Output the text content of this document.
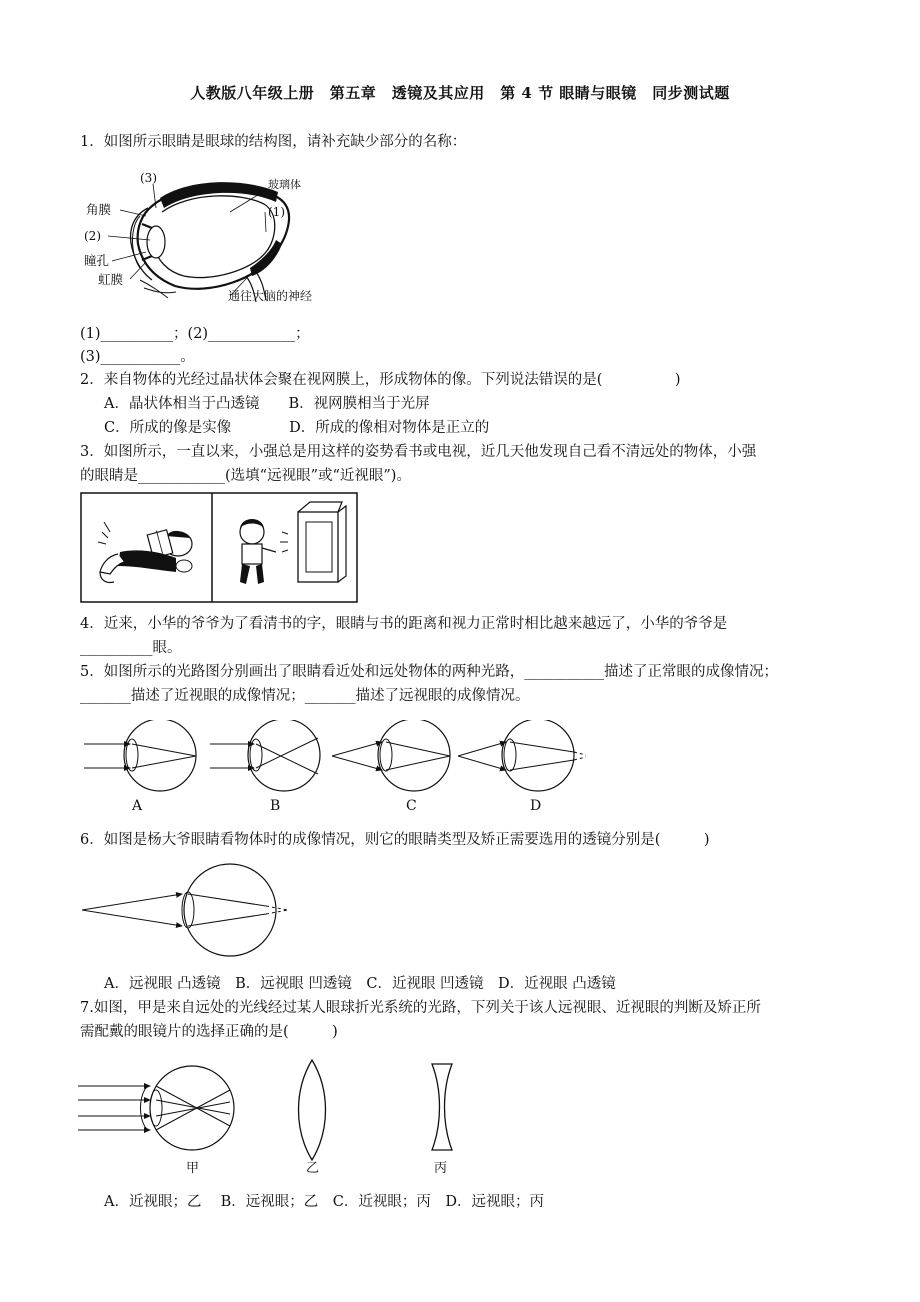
人教版八年级上册　第五章　透镜及其应用　第 4 节 眼睛与眼镜　同步测试题
1．如图所示眼睛是眼球的结构图，请补充缺少部分的名称：
(3)
角膜
(2)
瞳孔
虹膜
玻璃体
(1)
通往大脑的神经
(1)__________；(2)____________；
(3)___________。
2．来自物体的光经过晶状体会聚在视网膜上，形成物体的像。下列说法错误的是(　　　　　)
A．晶状体相当于凸透镜　　B．视网膜相当于光屏
C．所成的像是实像　　　　D．所成的像相对物体是正立的
3．如图所示，一直以来，小强总是用这样的姿势看书或电视，近几天他发现自己看不清远处的物体，小强
的眼睛是____________(选填“远视眼”或“近视眼”)。
4．近来，小华的爷爷为了看清书的字，眼睛与书的距离和视力正常时相比越来越远了，小华的爷爷是
__________眼。
5．如图所示的光路图分别画出了眼睛看近处和远处物体的两种光路，___________描述了正常眼的成像情况；
_______描述了近视眼的成像情况；_______描述了远视眼的成像情况。
A	B	C	D
6．如图是杨大爷眼睛看物体时的成像情况，则它的眼睛类型及矫正需要选用的透镜分别是(　　　)
A．远视眼 凸透镜　B．远视眼 凹透镜　C．近视眼 凹透镜　D．近视眼 凸透镜
7.如图，甲是来自远处的光线经过某人眼球折光系统的光路，下列关于该人远视眼、近视眼的判断及矫正所
需配戴的眼镜片的选择正确的是(　　　)
甲	乙	丙
A．近视眼；乙　 B．远视眼；乙　C．近视眼；丙　D．远视眼；丙
